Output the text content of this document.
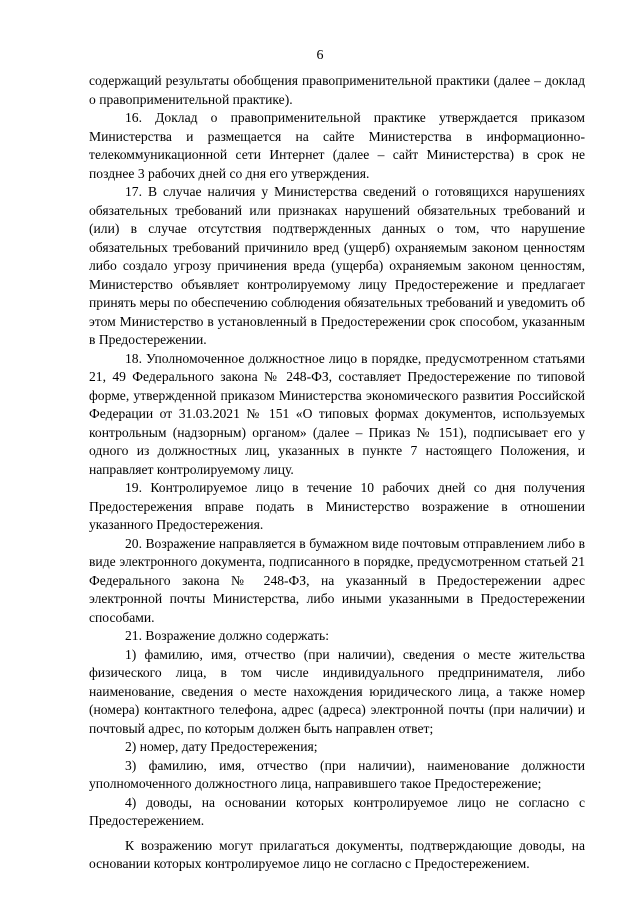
6

содержащий результаты обобщения правоприменительной практики (далее – доклад о правоприменительной практике).

16. Доклад о правоприменительной практике утверждается приказом Министерства и размещается на сайте Министерства в информационно-телекоммуникационной сети Интернет (далее – сайт Министерства) в срок не позднее 3 рабочих дней со дня его утверждения.

17. В случае наличия у Министерства сведений о готовящихся нарушениях обязательных требований или признаках нарушений обязательных требований и (или) в случае отсутствия подтвержденных данных о том, что нарушение обязательных требований причинило вред (ущерб) охраняемым законом ценностям либо создало угрозу причинения вреда (ущерба) охраняемым законом ценностям, Министерство объявляет контролируемому лицу Предостережение и предлагает принять меры по обеспечению соблюдения обязательных требований и уведомить об этом Министерство в установленный в Предостережении срок способом, указанным в Предостережении.

18. Уполномоченное должностное лицо в порядке, предусмотренном статьями 21, 49 Федерального закона № 248-ФЗ, составляет Предостережение по типовой форме, утвержденной приказом Министерства экономического развития Российской Федерации от 31.03.2021 № 151 «О типовых формах документов, используемых контрольным (надзорным) органом» (далее – Приказ № 151), подписывает его у одного из должностных лиц, указанных в пункте 7 настоящего Положения, и направляет контролируемому лицу.

19. Контролируемое лицо в течение 10 рабочих дней со дня получения Предостережения вправе подать в Министерство возражение в отношении указанного Предостережения.

20. Возражение направляется в бумажном виде почтовым отправлением либо в виде электронного документа, подписанного в порядке, предусмотренном статьей 21 Федерального закона № 248-ФЗ, на указанный в Предостережении адрес электронной почты Министерства, либо иными указанными в Предостережении способами.

21. Возражение должно содержать:

1) фамилию, имя, отчество (при наличии), сведения о месте жительства физического лица, в том числе индивидуального предпринимателя, либо наименование, сведения о месте нахождения юридического лица, а также номер (номера) контактного телефона, адрес (адреса) электронной почты (при наличии) и почтовый адрес, по которым должен быть направлен ответ;

2) номер, дату Предостережения;

3) фамилию, имя, отчество (при наличии), наименование должности уполномоченного должностного лица, направившего такое Предостережение;

4) доводы, на основании которых контролируемое лицо не согласно с Предостережением.

К возражению могут прилагаться документы, подтверждающие доводы, на основании которых контролируемое лицо не согласно с Предостережением.
